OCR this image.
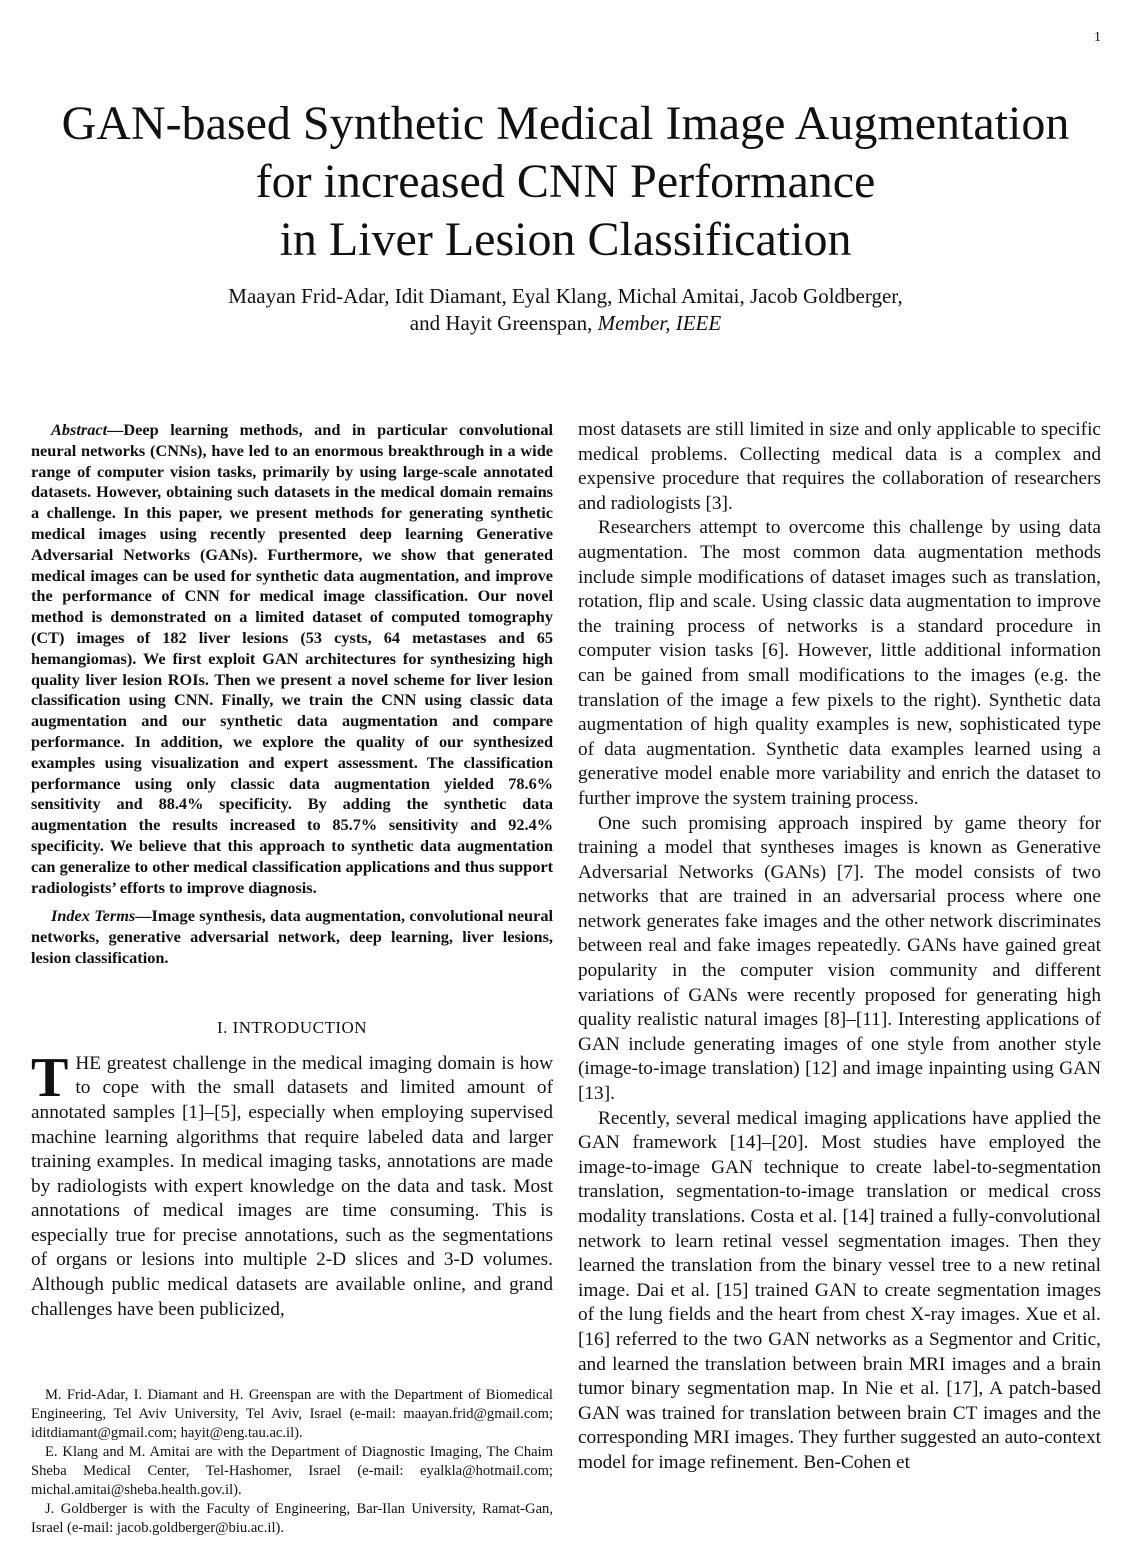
1
GAN-based Synthetic Medical Image Augmentation
for increased CNN Performance
in Liver Lesion Classification
Maayan Frid-Adar, Idit Diamant, Eyal Klang, Michal Amitai, Jacob Goldberger,
and Hayit Greenspan, Member, IEEE

Abstract—Deep learning methods, and in particular convolutional neural networks (CNNs), have led to an enormous breakthrough in a wide range of computer vision tasks, primarily by using large-scale annotated datasets. However, obtaining such datasets in the medical domain remains a challenge. In this paper, we present methods for generating synthetic medical images using recently presented deep learning Generative Adversarial Networks (GANs). Furthermore, we show that generated medical images can be used for synthetic data augmentation, and improve the performance of CNN for medical image classification. Our novel method is demonstrated on a limited dataset of computed tomography (CT) images of 182 liver lesions (53 cysts, 64 metastases and 65 hemangiomas). We first exploit GAN architectures for synthesizing high quality liver lesion ROIs. Then we present a novel scheme for liver lesion classification using CNN. Finally, we train the CNN using classic data augmentation and our synthetic data augmentation and compare performance. In addition, we explore the quality of our synthesized examples using visualization and expert assessment. The classification performance using only classic data augmentation yielded 78.6% sensitivity and 88.4% specificity. By adding the synthetic data augmentation the results increased to 85.7% sensitivity and 92.4% specificity. We believe that this approach to synthetic data augmentation can generalize to other medical classification applications and thus support radiologists’ efforts to improve diagnosis.

Index Terms—Image synthesis, data augmentation, convolutional neural networks, generative adversarial network, deep learning, liver lesions, lesion classification.

I. INTRODUCTION

THE greatest challenge in the medical imaging domain is how to cope with the small datasets and limited amount of annotated samples [1]–[5], especially when employing supervised machine learning algorithms that require labeled data and larger training examples. In medical imaging tasks, annotations are made by radiologists with expert knowledge on the data and task. Most annotations of medical images are time consuming. This is especially true for precise annotations, such as the segmentations of organs or lesions into multiple 2-D slices and 3-D volumes. Although public medical datasets are available online, and grand challenges have been publicized,

M. Frid-Adar, I. Diamant and H. Greenspan are with the Department of Biomedical Engineering, Tel Aviv University, Tel Aviv, Israel (e-mail: maayan.frid@gmail.com; iditdiamant@gmail.com; hayit@eng.tau.ac.il).

E. Klang and M. Amitai are with the Department of Diagnostic Imaging, The Chaim Sheba Medical Center, Tel-Hashomer, Israel (e-mail: eyalkla@hotmail.com; michal.amitai@sheba.health.gov.il).

J. Goldberger is with the Faculty of Engineering, Bar-Ilan University, Ramat-Gan, Israel (e-mail: jacob.goldberger@biu.ac.il).

most datasets are still limited in size and only applicable to specific medical problems. Collecting medical data is a complex and expensive procedure that requires the collaboration of researchers and radiologists [3].

Researchers attempt to overcome this challenge by using data augmentation. The most common data augmentation methods include simple modifications of dataset images such as translation, rotation, flip and scale. Using classic data augmentation to improve the training process of networks is a standard procedure in computer vision tasks [6]. However, little additional information can be gained from small modifications to the images (e.g. the translation of the image a few pixels to the right). Synthetic data augmentation of high quality examples is new, sophisticated type of data augmentation. Synthetic data examples learned using a generative model enable more variability and enrich the dataset to further improve the system training process.

One such promising approach inspired by game theory for training a model that syntheses images is known as Generative Adversarial Networks (GANs) [7]. The model consists of two networks that are trained in an adversarial process where one network generates fake images and the other network discriminates between real and fake images repeatedly. GANs have gained great popularity in the computer vision community and different variations of GANs were recently proposed for generating high quality realistic natural images [8]–[11]. Interesting applications of GAN include generating images of one style from another style (image-to-image translation) [12] and image inpainting using GAN [13].

Recently, several medical imaging applications have applied the GAN framework [14]–[20]. Most studies have employed the image-to-image GAN technique to create label-to-segmentation translation, segmentation-to-image translation or medical cross modality translations. Costa et al. [14] trained a fully-convolutional network to learn retinal vessel segmentation images. Then they learned the translation from the binary vessel tree to a new retinal image. Dai et al. [15] trained GAN to create segmentation images of the lung fields and the heart from chest X-ray images. Xue et al. [16] referred to the two GAN networks as a Segmentor and Critic, and learned the translation between brain MRI images and a brain tumor binary segmentation map. In Nie et al. [17], A patch-based GAN was trained for translation between brain CT images and the corresponding MRI images. They further suggested an auto-context model for image refinement. Ben-Cohen et
